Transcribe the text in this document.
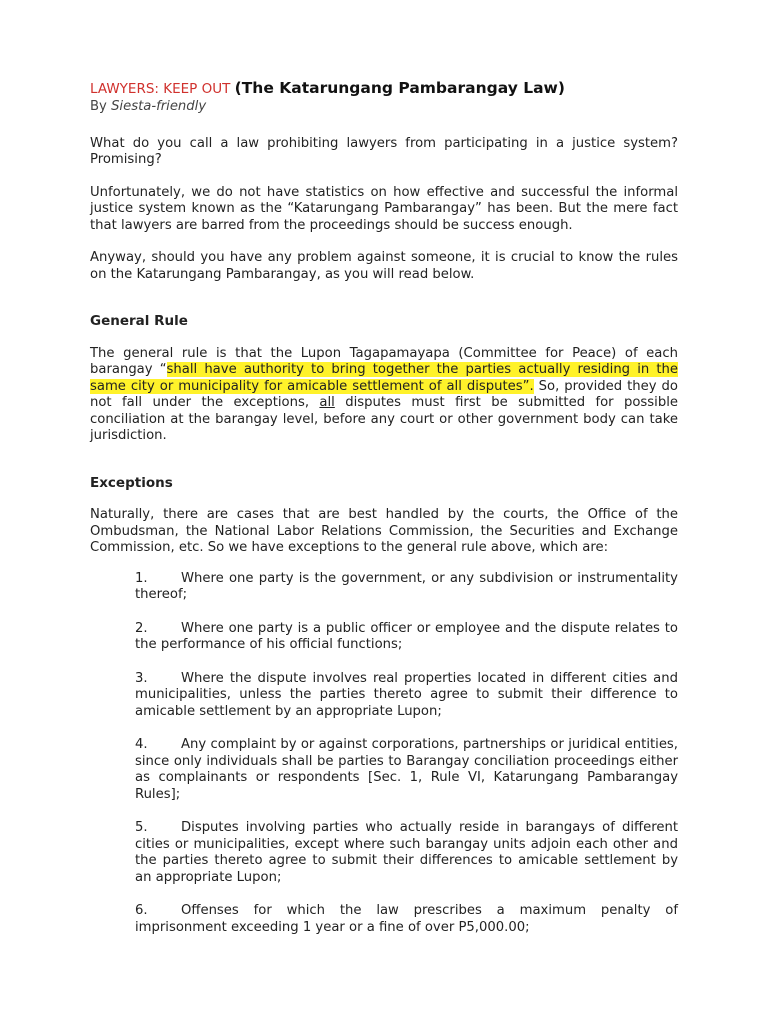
LAWYERS: KEEP OUT (The Katarungang Pambarangay Law)

By Siesta-friendly

What do you call a law prohibiting lawyers from participating in a justice system? Promising?

Unfortunately, we do not have statistics on how effective and successful the informal justice system known as the “Katarungang Pambarangay” has been. But the mere fact that lawyers are barred from the proceedings should be success enough.

Anyway, should you have any problem against someone, it is crucial to know the rules on the Katarungang Pambarangay, as you will read below.

General Rule

The general rule is that the Lupon Tagapamayapa (Committee for Peace) of each barangay “shall have authority to bring together the parties actually residing in the same city or municipality for amicable settlement of all disputes”. So, provided they do not fall under the exceptions, all disputes must first be submitted for possible conciliation at the barangay level, before any court or other government body can take jurisdiction.

Exceptions

Naturally, there are cases that are best handled by the courts, the Office of the Ombudsman, the National Labor Relations Commission, the Securities and Exchange Commission, etc. So we have exceptions to the general rule above, which are:

1.	Where one party is the government, or any subdivision or instrumentality thereof;
2.	Where one party is a public officer or employee and the dispute relates to the performance of his official functions;
3.	Where the dispute involves real properties located in different cities and municipalities, unless the parties thereto agree to submit their difference to amicable settlement by an appropriate Lupon;
4.	Any complaint by or against corporations, partnerships or juridical entities, since only individuals shall be parties to Barangay conciliation proceedings either as complainants or respondents [Sec. 1, Rule VI, Katarungang Pambarangay Rules];
5.	Disputes involving parties who actually reside in barangays of different cities or municipalities, except where such barangay units adjoin each other and the parties thereto agree to submit their differences to amicable settlement by an appropriate Lupon;
6.	Offenses for which the law prescribes a maximum penalty of imprisonment exceeding 1 year or a fine of over P5,000.00;
